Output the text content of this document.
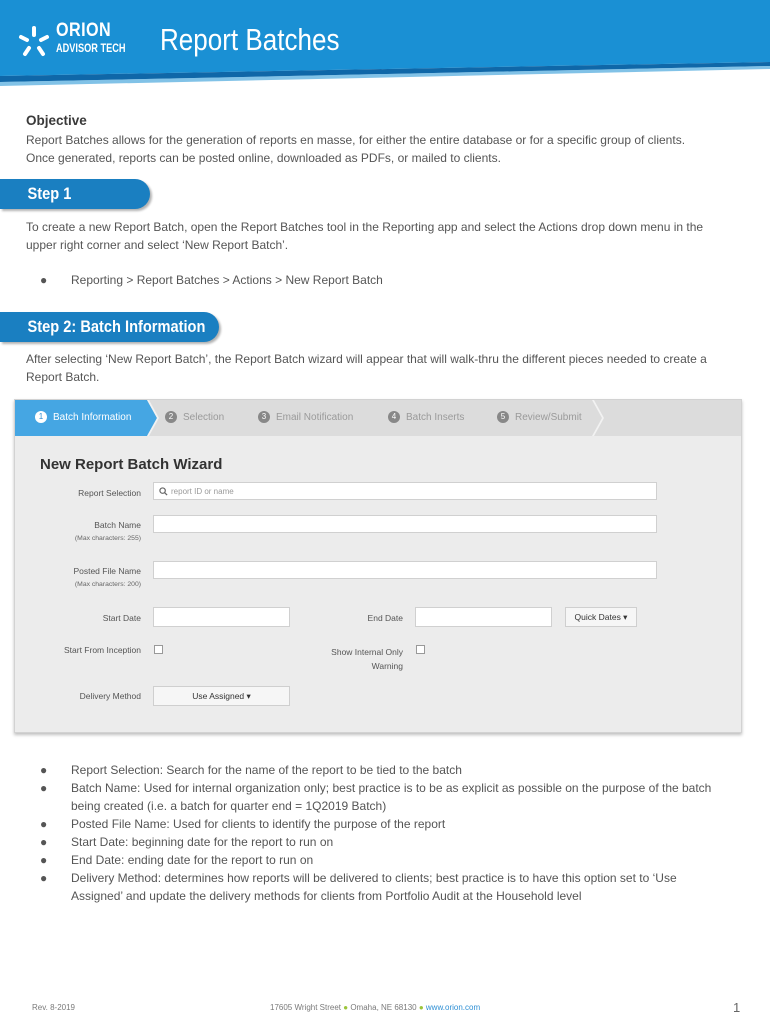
ORION
ADVISOR TECH Report Batches
Objective
Report Batches allows for the generation of reports en masse, for either the entire database or for a specific group of clients.
Once generated, reports can be posted online, downloaded as PDFs, or mailed to clients.
Step 1
To create a new Report Batch, open the Report Batches tool in the Reporting app and select the Actions drop down menu in the
upper right corner and select ‘New Report Batch’.
● Reporting > Report Batches > Actions > New Report Batch
Step 2: Batch Information
After selecting ‘New Report Batch’, the Report Batch wizard will appear that will walk-thru the different pieces needed to create a
Report Batch.
1 Batch Information	2 Selection	3 Email Notification	4 Batch Inserts	5 Review/Submit
New Report Batch Wizard
Report Selection	report ID or name
Batch Name
(Max characters: 255)
Posted File Name
(Max characters: 200)
Start Date	End Date	Quick Dates ▾
Start From Inception	Show Internal Only
Warning
Delivery Method	Use Assigned ▾
● Report Selection: Search for the name of the report to be tied to the batch
● Batch Name: Used for internal organization only; best practice is to be as explicit as possible on the purpose of the batch
being created (i.e. a batch for quarter end = 1Q2019 Batch)
● Posted File Name: Used for clients to identify the purpose of the report
● Start Date: beginning date for the report to run on
● End Date: ending date for the report to run on
● Delivery Method: determines how reports will be delivered to clients; best practice is to have this option set to ‘Use
Assigned’ and update the delivery methods for clients from Portfolio Audit at the Household level
Rev. 8-2019	17605 Wright Street ● Omaha, NE 68130 ● www.orion.com	1
